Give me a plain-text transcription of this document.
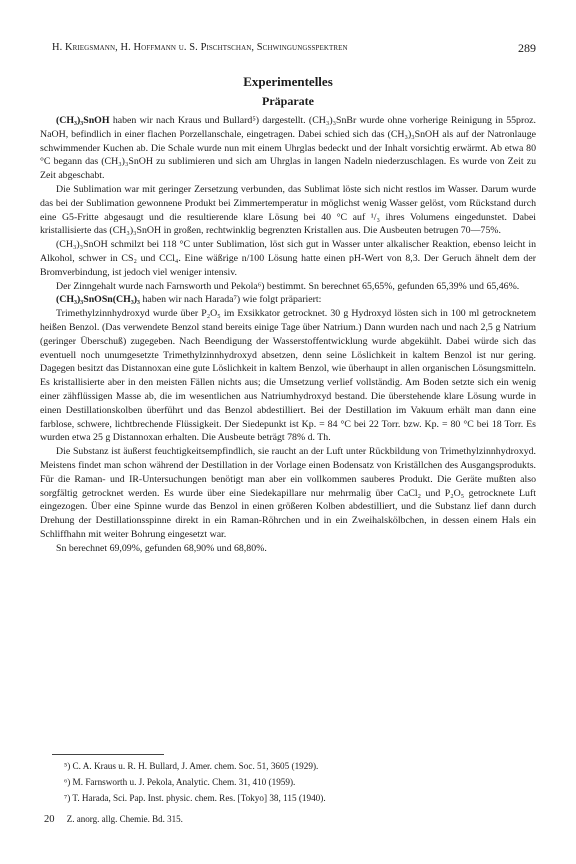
H. Kriegsmann, H. Hoffmann u. S. Pischtschan, Schwingungsspektren	289
Experimentelles
Präparate

(CH₃)₃SnOH haben wir nach Kraus und Bullard⁵) dargestellt. (CH₃)₃SnBr wurde ohne vorherige Reinigung in 55proz. NaOH, befindlich in einer flachen Porzellanschale, eingetragen. Dabei schied sich das (CH₃)₃SnOH als auf der Natronlauge schwimmender Kuchen ab. Die Schale wurde nun mit einem Uhrglas bedeckt und der Inhalt vorsichtig erwärmt. Ab etwa 80 °C begann das (CH₃)₃SnOH zu sublimieren und sich am Uhrglas in langen Nadeln niederzuschlagen. Es wurde von Zeit zu Zeit abgeschabt.

Die Sublimation war mit geringer Zersetzung verbunden, das Sublimat löste sich nicht restlos im Wasser. Darum wurde das bei der Sublimation gewonnene Produkt bei Zimmertemperatur in möglichst wenig Wasser gelöst, vom Rückstand durch eine G5-Fritte abgesaugt und die resultierende klare Lösung bei 40 °C auf ¹/₃ ihres Volumens eingedunstet. Dabei kristallisierte das (CH₃)₃SnOH in großen, rechtwinklig begrenzten Kristallen aus. Die Ausbeuten betrugen 70—75%.

(CH₃)₃SnOH schmilzt bei 118 °C unter Sublimation, löst sich gut in Wasser unter alkalischer Reaktion, ebenso leicht in Alkohol, schwer in CS₂ und CCl₄. Eine wäßrige n/100 Lösung hatte einen pH-Wert von 8,3. Der Geruch ähnelt dem der Bromverbindung, ist jedoch viel weniger intensiv.

Der Zinngehalt wurde nach Farnsworth und Pekola⁶) bestimmt. Sn berechnet 65,65%, gefunden 65,39% und 65,46%.

(CH₃)₃SnOSn(CH₃)₃ haben wir nach Harada⁷) wie folgt präpariert:

Trimethylzinnhydroxyd wurde über P₂O₅ im Exsikkator getrocknet. 30 g Hydroxyd lösten sich in 100 ml getrocknetem heißen Benzol. (Das verwendete Benzol stand bereits einige Tage über Natrium.) Dann wurden nach und nach 2,5 g Natrium (geringer Überschuß) zugegeben. Nach Beendigung der Wasserstoffentwicklung wurde abgekühlt. Dabei würde sich das eventuell noch unumgesetzte Trimethylzinnhydroxyd absetzen, denn seine Löslichkeit in kaltem Benzol ist nur gering. Dagegen besitzt das Distannoxan eine gute Löslichkeit in kaltem Benzol, wie überhaupt in allen organischen Lösungsmitteln. Es kristallisierte aber in den meisten Fällen nichts aus; die Umsetzung verlief vollständig. Am Boden setzte sich ein wenig einer zähflüssigen Masse ab, die im wesentlichen aus Natriumhydroxyd bestand. Die überstehende klare Lösung wurde in einen Destillationskolben überführt und das Benzol abdestilliert. Bei der Destillation im Vakuum erhält man dann eine farblose, schwere, lichtbrechende Flüssigkeit. Der Siedepunkt ist Kp. = 84 °C bei 22 Torr. bzw. Kp. = 80 °C bei 18 Torr. Es wurden etwa 25 g Distannoxan erhalten. Die Ausbeute beträgt 78% d. Th.

Die Substanz ist äußerst feuchtigkeitsempfindlich, sie raucht an der Luft unter Rückbildung von Trimethylzinnhydroxyd. Meistens findet man schon während der Destillation in der Vorlage einen Bodensatz von Kriställchen des Ausgangsprodukts. Für die Raman- und IR-Untersuchungen benötigt man aber ein vollkommen sauberes Produkt. Die Geräte mußten also sorgfältig getrocknet werden. Es wurde über eine Siedekapillare nur mehrmalig über CaCl₂ und P₂O₅ getrocknete Luft eingezogen. Über eine Spinne wurde das Benzol in einen größeren Kolben abdestilliert, und die Substanz lief dann durch Drehung der Destillationsspinne direkt in ein Raman-Röhrchen und in ein Zweihalskölbchen, in dessen einem Hals ein Schliffhahn mit weiter Bohrung eingesetzt war.

Sn berechnet 69,09%, gefunden 68,90% und 68,80%.

⁵) C. A. Kraus u. R. H. Bullard, J. Amer. chem. Soc. 51, 3605 (1929).
⁶) M. Farnsworth u. J. Pekola, Analytic. Chem. 31, 410 (1959).
⁷) T. Harada, Sci. Pap. Inst. physic. chem. Res. [Tokyo] 38, 115 (1940).
20 Z. anorg. allg. Chemie. Bd. 315.
